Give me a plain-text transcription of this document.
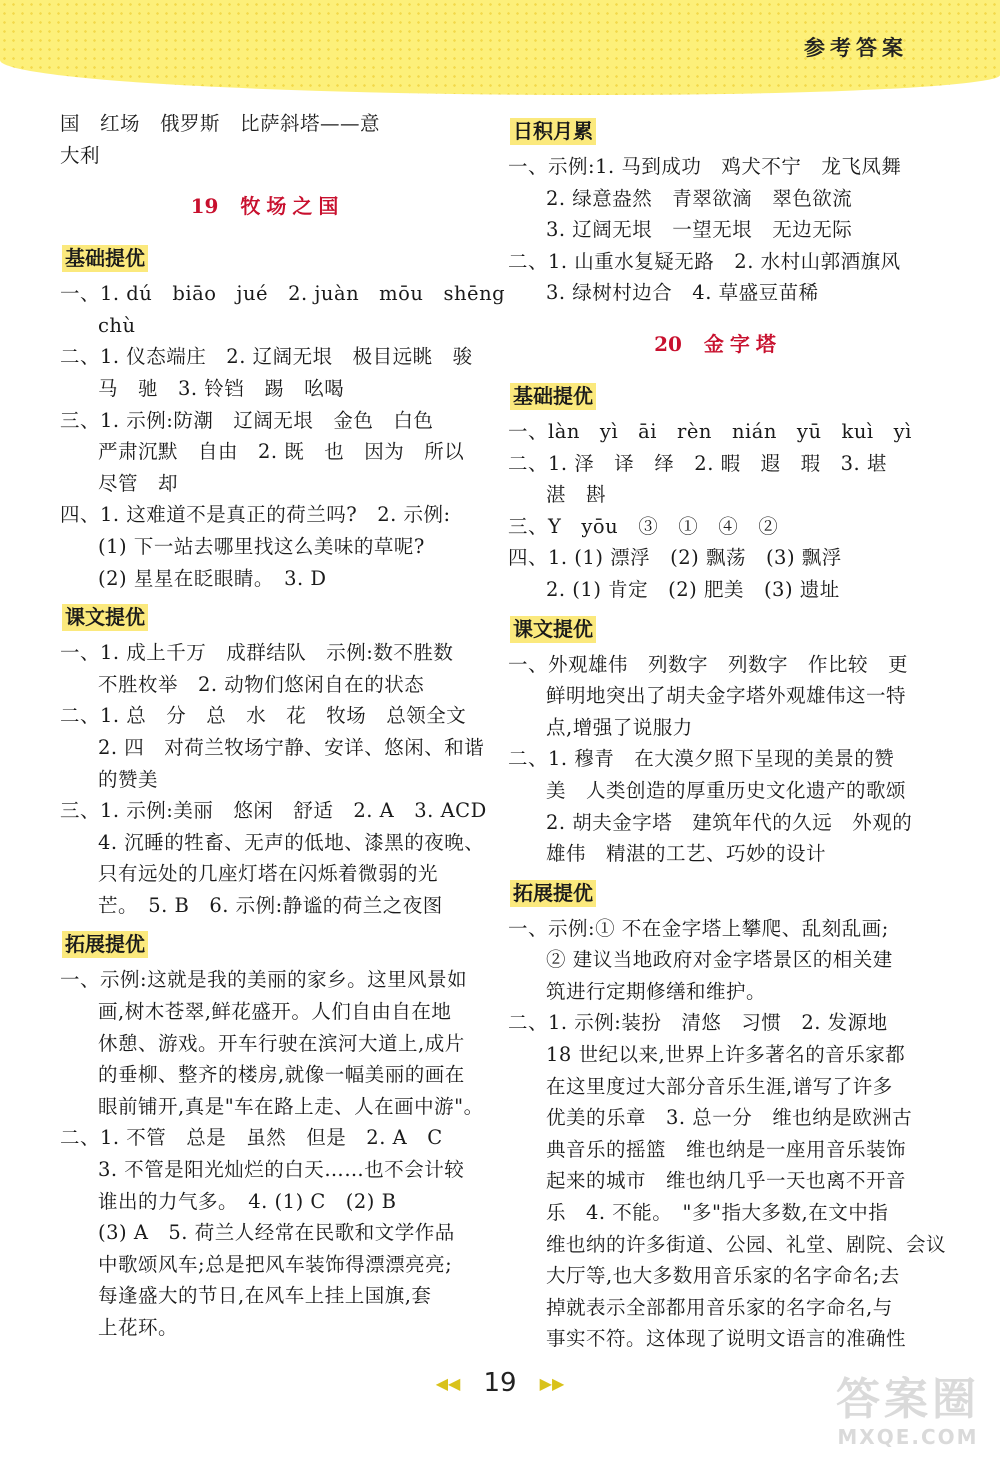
参考答案
国　红场　俄罗斯　比萨斜塔——意
大利
19 牧场之国
基础提优
一、1. dú　biāo　jué　2. juàn　mōu　shēng
chù
二、1. 仪态端庄　2. 辽阔无垠　极目远眺　骏
马　驰　3. 铃铛　踢　吆喝
三、1. 示例:防潮　辽阔无垠　金色　白色
严肃沉默　自由　2. 既　也　因为　所以
尽管　却
四、1. 这难道不是真正的荷兰吗?　2. 示例:
(1) 下一站去哪里找这么美味的草呢?
(2) 星星在眨眼睛。　3. D
课文提优
一、1. 成上千万　成群结队　示例:数不胜数
不胜枚举　2. 动物们悠闲自在的状态
二、1. 总　分　总　水　花　牧场　总领全文
2. 四　对荷兰牧场宁静、安详、悠闲、和谐
的赞美
三、1. 示例:美丽　悠闲　舒适　2. A　3. ACD
4. 沉睡的牲畜、无声的低地、漆黑的夜晚、
只有远处的几座灯塔在闪烁着微弱的光
芒。　5. B　6. 示例:静谧的荷兰之夜图
拓展提优
一、示例:这就是我的美丽的家乡。这里风景如
画,树木苍翠,鲜花盛开。人们自由自在地
休憩、游戏。开车行驶在滨河大道上,成片
的垂柳、整齐的楼房,就像一幅美丽的画在
眼前铺开,真是"车在路上走、人在画中游"。
二、1. 不管　总是　虽然　但是　2. A　C
3. 不管是阳光灿烂的白天……也不会计较
谁出的力气多。　4. (1) C　(2) B
(3) A　5. 荷兰人经常在民歌和文学作品
中歌颂风车;总是把风车装饰得漂漂亮亮;
每逢盛大的节日,在风车上挂上国旗,套
上花环。
日积月累
一、示例:1. 马到成功　鸡犬不宁　龙飞凤舞
2. 绿意盎然　青翠欲滴　翠色欲流
3. 辽阔无垠　一望无垠　无边无际
二、1. 山重水复疑无路　2. 水村山郭酒旗风
3. 绿树村边合　4. 草盛豆苗稀
20 金字塔
基础提优
一、làn　yì　āi　rèn　nián　yū　kuì　yì
二、1. 泽　译　绎　2. 暇　遐　瑕　3. 堪
湛　斟
三、Y　yōu　③　①　④　②
四、1. (1) 漂浮　(2) 飘荡　(3) 飘浮
2. (1) 肯定　(2) 肥美　(3) 遗址
课文提优
一、外观雄伟　列数字　列数字　作比较　更
鲜明地突出了胡夫金字塔外观雄伟这一特
点,增强了说服力
二、1. 穆青　在大漠夕照下呈现的美景的赞
美　人类创造的厚重历史文化遗产的歌颂
2. 胡夫金字塔　建筑年代的久远　外观的
雄伟　精湛的工艺、巧妙的设计
拓展提优
一、示例:① 不在金字塔上攀爬、乱刻乱画;
② 建议当地政府对金字塔景区的相关建
筑进行定期修缮和维护。
二、1. 示例:装扮　清悠　习惯　2. 发源地
18 世纪以来,世界上许多著名的音乐家都
在这里度过大部分音乐生涯,谱写了许多
优美的乐章　3. 总一分　维也纳是欧洲古
典音乐的摇篮　维也纳是一座用音乐装饰
起来的城市　维也纳几乎一天也离不开音
乐　4. 不能。　"多"指大多数,在文中指
维也纳的许多街道、公园、礼堂、剧院、会议
大厅等,也大多数用音乐家的名字命名;去
掉就表示全部都用音乐家的名字命名,与
事实不符。这体现了说明文语言的准确性
◀◀ 19 ▶▶	答案圈
MXQE.COM
